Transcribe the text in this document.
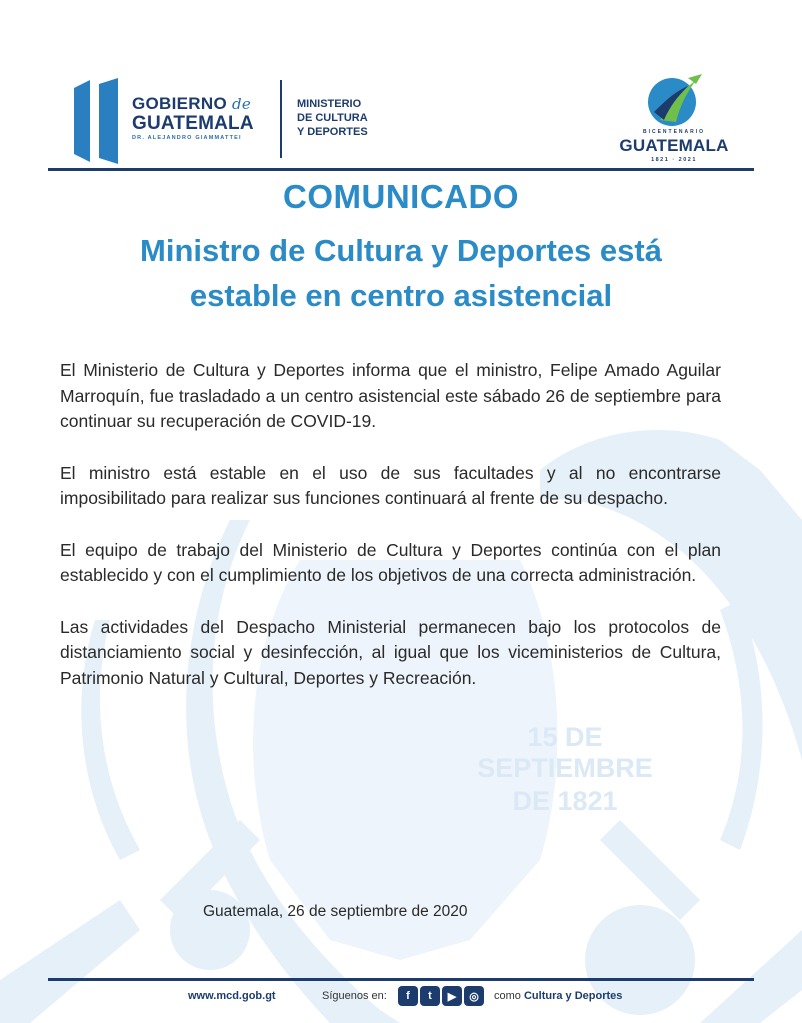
15 DE
SEPTIEMBRE
DE 1821
GOBIERNO de
GUATEMALA
DR. ALEJANDRO GIAMMATTEI
MINISTERIO
DE CULTURA
Y DEPORTES	BICENTENARIO
GUATEMALA
1821 · 2021
COMUNICADO
Ministro de Cultura y Deportes está
estable en centro asistencial

El Ministerio de Cultura y Deportes informa que el ministro, Felipe Amado Aguilar Marroquín, fue trasladado a un centro asistencial este sábado 26 de septiembre para continuar su recuperación de COVID-19.

El ministro está estable en el uso de sus facultades y al no encontrarse imposibilitado para realizar sus funciones continuará al frente de su despacho.

El equipo de trabajo del Ministerio de Cultura y Deportes continúa con el plan establecido y con el cumplimiento de los objetivos de una correcta administración.

Las actividades del Despacho Ministerial permanecen bajo los protocolos de distanciamiento social y desinfección, al igual que los viceministerios de Cultura, Patrimonio Natural y Cultural, Deportes y Recreación.

Guatemala, 26 de septiembre de 2020
www.mcd.gob.gt	Síguenos en:	f	t	▶	◎	como Cultura y Deportes
